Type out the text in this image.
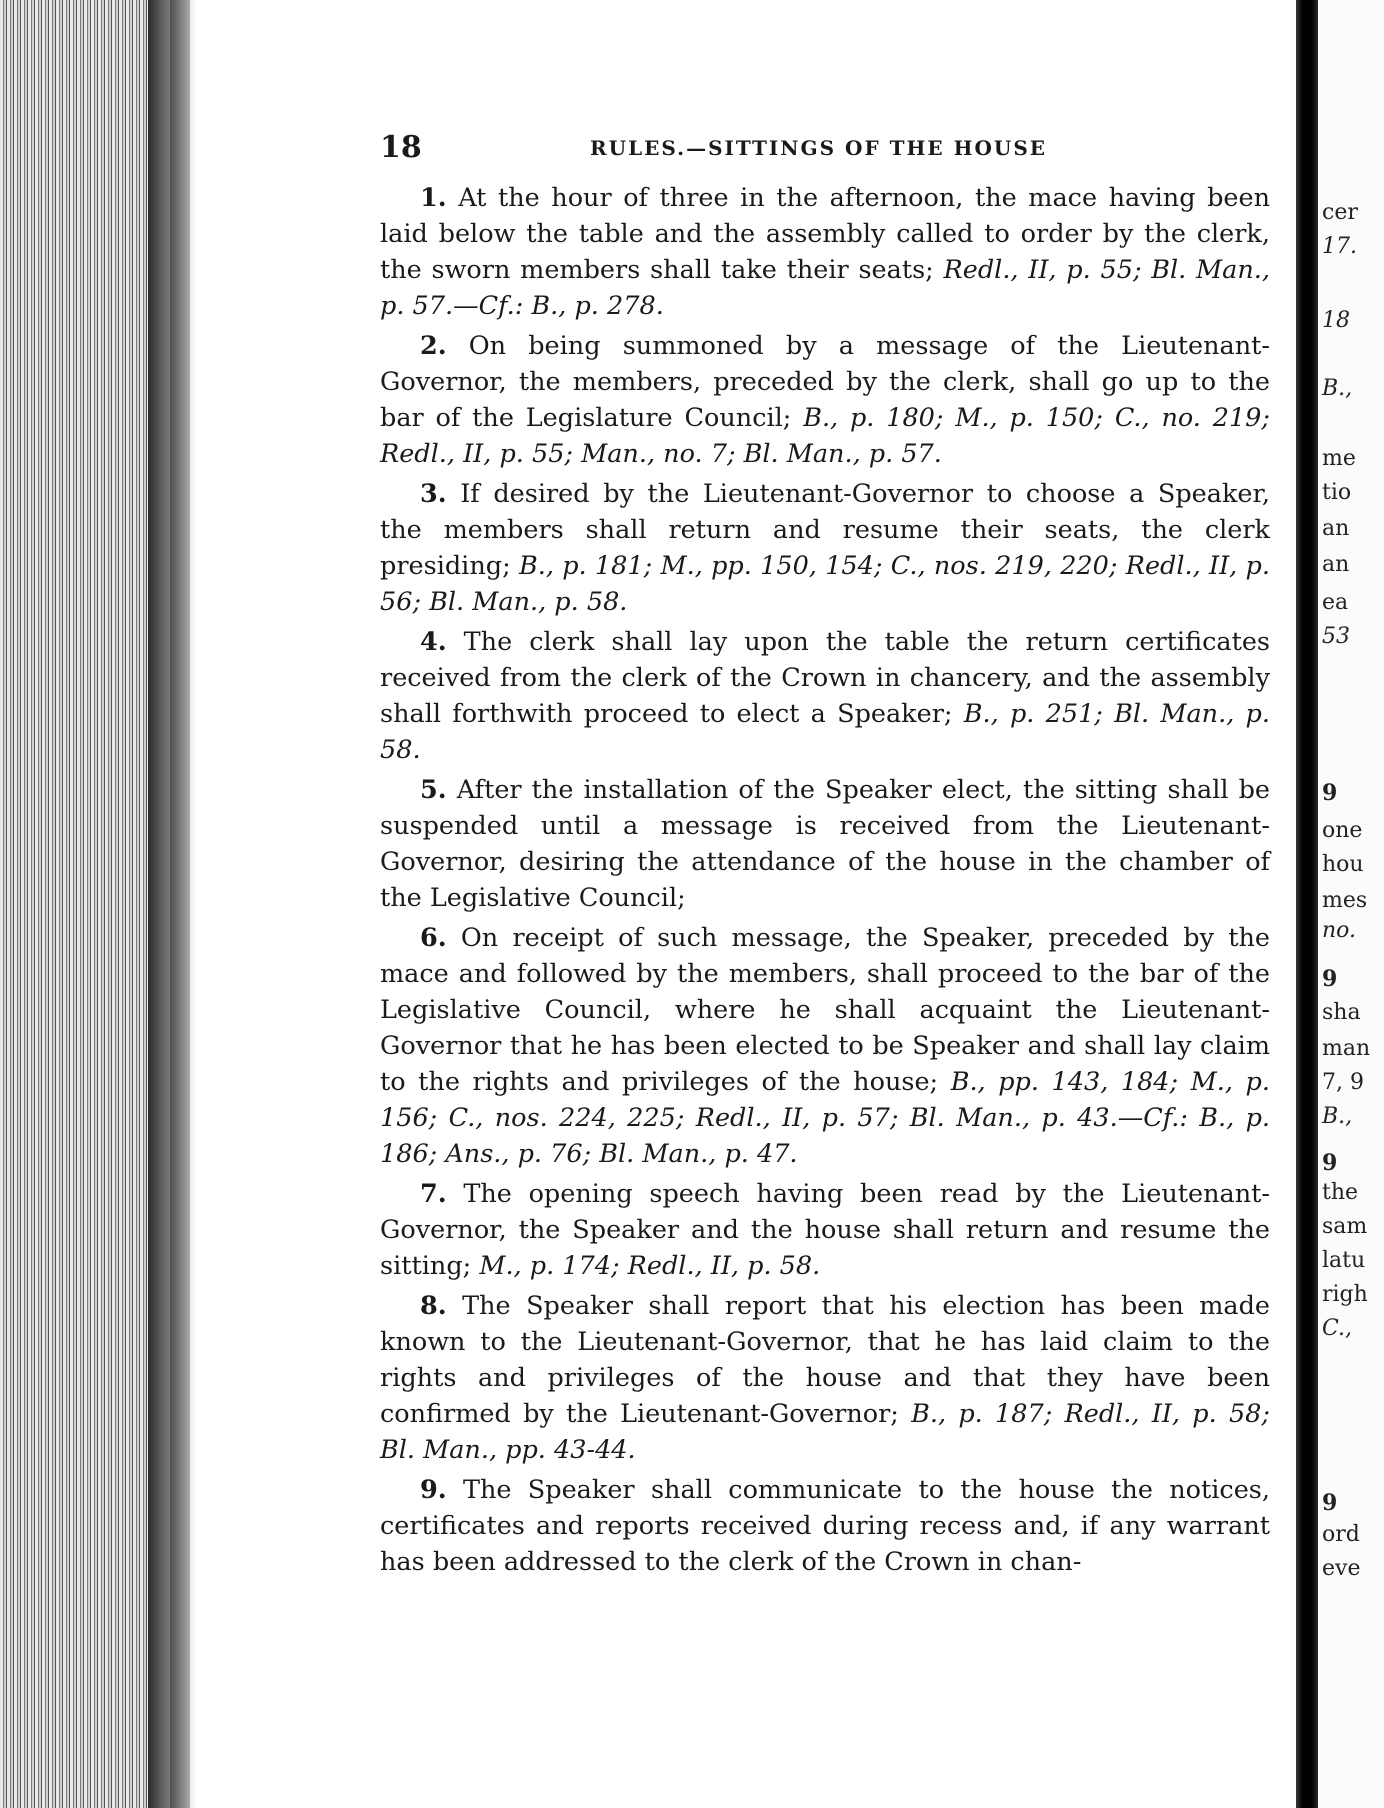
18	RULES.—SITTINGS OF THE HOUSE

1. At the hour of three in the afternoon, the mace having been laid below the table and the assembly called to order by the clerk, the sworn members shall take their seats; Redl., II, p. 55; Bl. Man., p. 57.—Cf.: B., p. 278.

2. On being summoned by a message of the Lieutenant-Governor, the members, preceded by the clerk, shall go up to the bar of the Legislature Council; B., p. 180; M., p. 150; C., no. 219; Redl., II, p. 55; Man., no. 7; Bl. Man., p. 57.

3. If desired by the Lieutenant-Governor to choose a Speaker, the members shall return and resume their seats, the clerk presiding; B., p. 181; M., pp. 150, 154; C., nos. 219, 220; Redl., II, p. 56; Bl. Man., p. 58.

4. The clerk shall lay upon the table the return certificates received from the clerk of the Crown in chancery, and the assembly shall forthwith proceed to elect a Speaker; B., p. 251; Bl. Man., p. 58.

5. After the installation of the Speaker elect, the sitting shall be suspended until a message is received from the Lieutenant-Governor, desiring the attendance of the house in the chamber of the Legislative Council;

6. On receipt of such message, the Speaker, preceded by the mace and followed by the members, shall proceed to the bar of the Legislative Council, where he shall acquaint the Lieutenant-Governor that he has been elected to be Speaker and shall lay claim to the rights and privileges of the house; B., pp. 143, 184; M., p. 156; C., nos. 224, 225; Redl., II, p. 57; Bl. Man., p. 43.—Cf.: B., p. 186; Ans., p. 76; Bl. Man., p. 47.

7. The opening speech having been read by the Lieutenant-Governor, the Speaker and the house shall return and resume the sitting; M., p. 174; Redl., II, p. 58.

8. The Speaker shall report that his election has been made known to the Lieutenant-Governor, that he has laid claim to the rights and privileges of the house and that they have been confirmed by the Lieutenant-Governor; B., p. 187; Redl., II, p. 58; Bl. Man., pp. 43-44.

9. The Speaker shall communicate to the house the notices, certificates and reports received during recess and, if any warrant has been addressed to the clerk of the Crown in chan-

cer
17.
18
B.,
me
tio
an
an
ea
53
9
one
hou
mes
no.
9
sha
man
7, 9
B.,
9
the
sam
latu
righ
C.,
9
ord
eve
